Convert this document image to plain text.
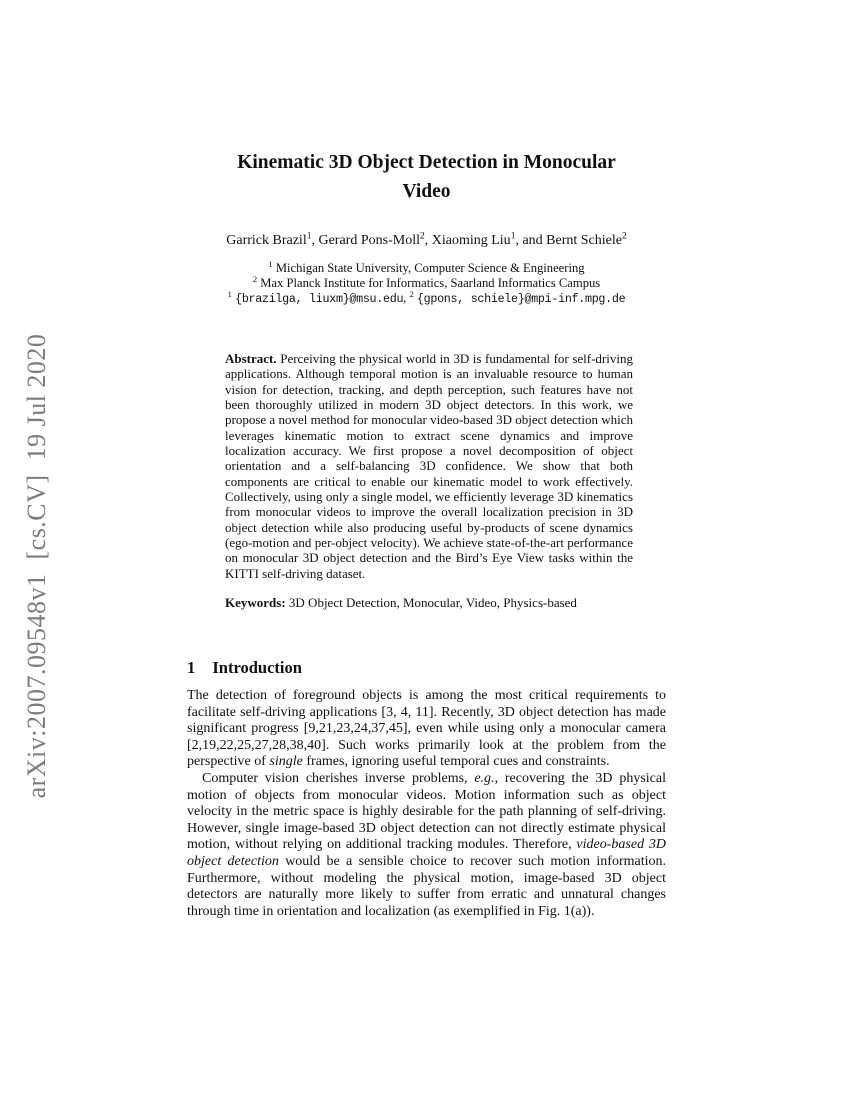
arXiv:2007.09548v1  [cs.CV]  19 Jul 2020
Kinematic 3D Object Detection in Monocular
Video
Garrick Brazil$^1$, Gerard Pons-Moll$^2$, Xiaoming Liu$^1$, and Bernt Schiele$^2$
$^1$ Michigan State University, Computer Science & Engineering
$^2$ Max Planck Institute for Informatics, Saarland Informatics Campus
$^1$ {brazilga, liuxm}@msu.edu, $^2$ {gpons, schiele}@mpi-inf.mpg.de
Abstract. Perceiving the physical world in 3D is fundamental for self-driving applications. Although temporal motion is an invaluable resource to human vision for detection, tracking, and depth perception, such features have not been thoroughly utilized in modern 3D object detectors. In this work, we propose a novel method for monocular video-based 3D object detection which leverages kinematic motion to extract scene dynamics and improve localization accuracy. We first propose a novel decomposition of object orientation and a self-balancing 3D confidence. We show that both components are critical to enable our kinematic model to work effectively. Collectively, using only a single model, we efficiently leverage 3D kinematics from monocular videos to improve the overall localization precision in 3D object detection while also producing useful by-products of scene dynamics (ego-motion and per-object velocity). We achieve state-of-the-art performance on monocular 3D object detection and the Bird’s Eye View tasks within the KITTI self-driving dataset.
Keywords: 3D Object Detection, Monocular, Video, Physics-based
1 Introduction

The detection of foreground objects is among the most critical requirements to facilitate self-driving applications [3, 4, 11]. Recently, 3D object detection has made significant progress [9,21,23,24,37,45], even while using only a monocular camera [2,19,22,25,27,28,38,40]. Such works primarily look at the problem from the perspective of single frames, ignoring useful temporal cues and constraints.

Computer vision cherishes inverse problems, e.g., recovering the 3D physical motion of objects from monocular videos. Motion information such as object velocity in the metric space is highly desirable for the path planning of self-driving. However, single image-based 3D object detection can not directly estimate physical motion, without relying on additional tracking modules. Therefore, video-based 3D object detection would be a sensible choice to recover such motion information. Furthermore, without modeling the physical motion, image-based 3D object detectors are naturally more likely to suffer from erratic and unnatural changes through time in orientation and localization (as exemplified in Fig. 1(a)).
